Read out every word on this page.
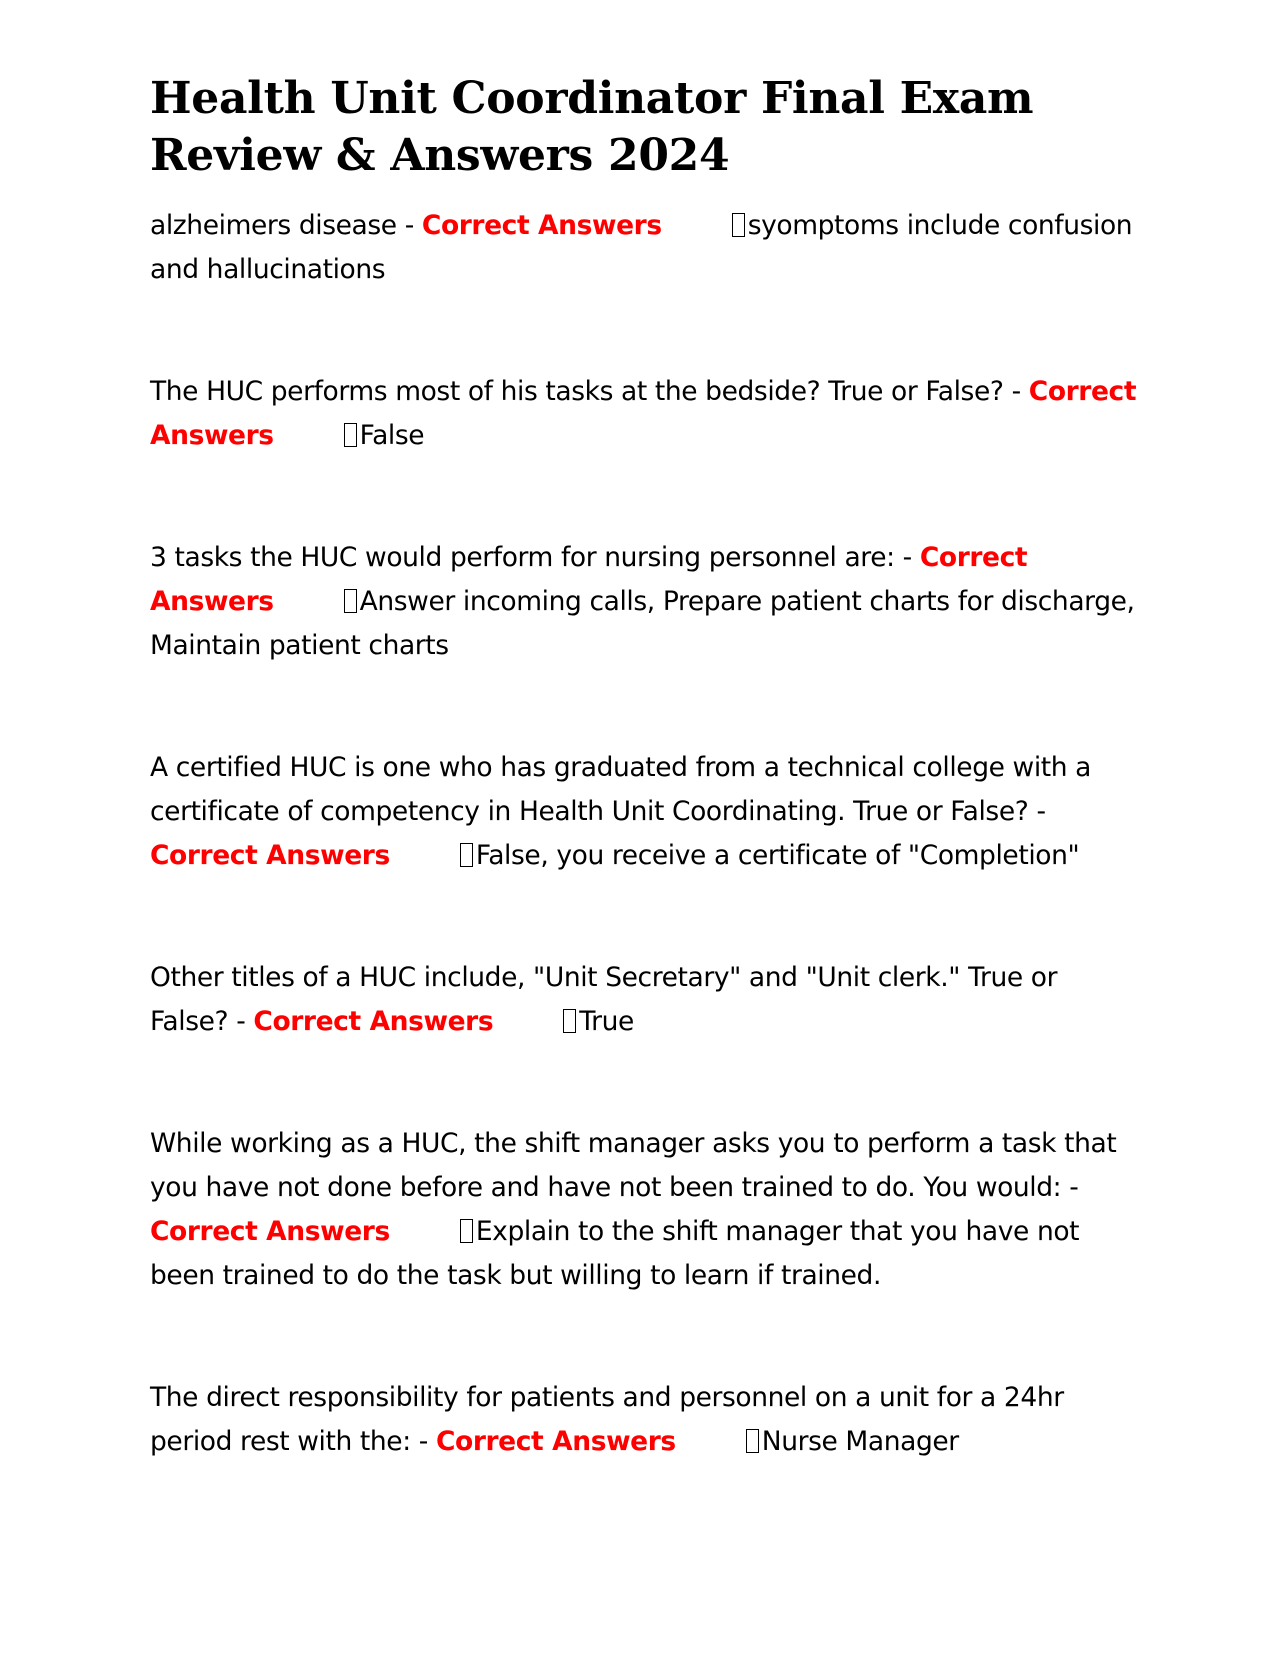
Health Unit Coordinator Final Exam Review & Answers 2024

alzheimers disease - Correct Answers	syomptoms include confusion and hallucinations

The HUC performs most of his tasks at the bedside? True or False? - Correct Answers	False

3 tasks the HUC would perform for nursing personnel are: - Correct Answers	Answer incoming calls, Prepare patient charts for discharge, Maintain patient charts

A certified HUC is one who has graduated from a technical college with a certificate of competency in Health Unit Coordinating. True or False? - Correct Answers	False, you receive a certificate of "Completion"

Other titles of a HUC include, "Unit Secretary" and "Unit clerk." True or False? - Correct Answers	True

While working as a HUC, the shift manager asks you to perform a task that you have not done before and have not been trained to do. You would: - Correct Answers	Explain to the shift manager that you have not been trained to do the task but willing to learn if trained.

The direct responsibility for patients and personnel on a unit for a 24hr period rest with the: - Correct Answers	Nurse Manager
